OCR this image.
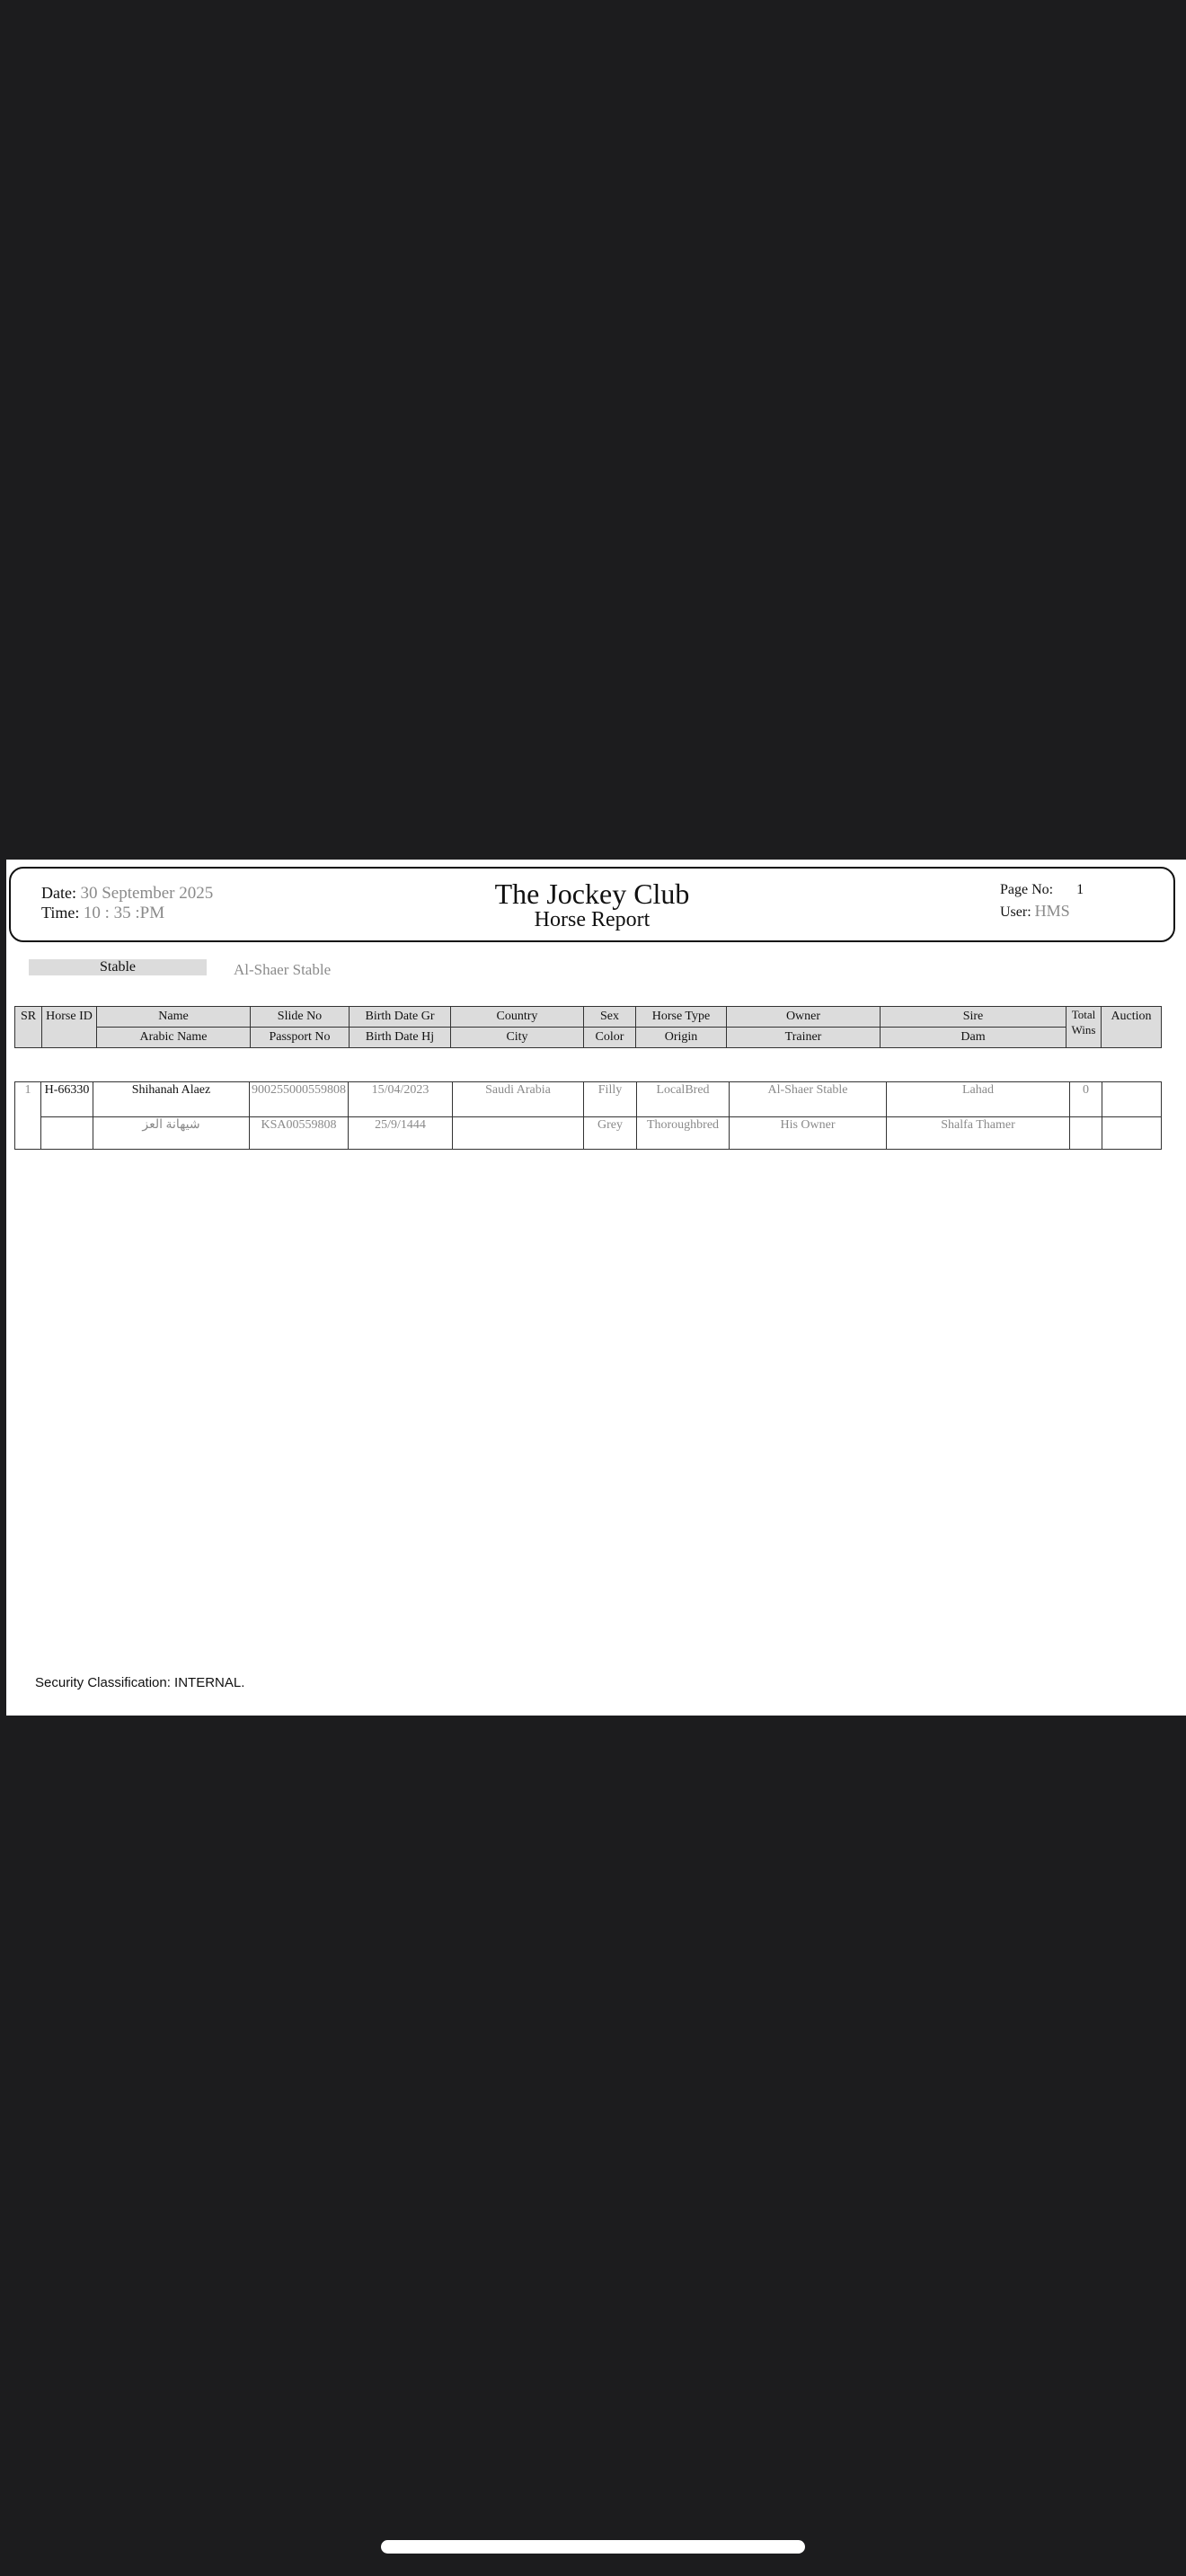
Date: 30 September 2025
Time: 10 : 35 :PM
The Jockey Club
Horse Report
Page No: 1
User: HMS
Stable	Al-Shaer Stable
SR	Horse ID	Name	Slide No	Birth Date Gr	Country	Sex	Horse Type	Owner	Sire	Total Wins	Auction
		Arabic Name	Passport No	Birth Date Hj	City	Color	Origin	Trainer	Dam		
1	H-66330	Shihanah Alaez	900255000559808	15/04/2023	Saudi Arabia	Filly	LocalBred	Al-Shaer Stable	Lahad	0	
		شيهانة العز	KSA00559808	25/9/1444		Grey	Thoroughbred	His Owner	Shalfa Thamer		
Security Classification: INTERNAL.
